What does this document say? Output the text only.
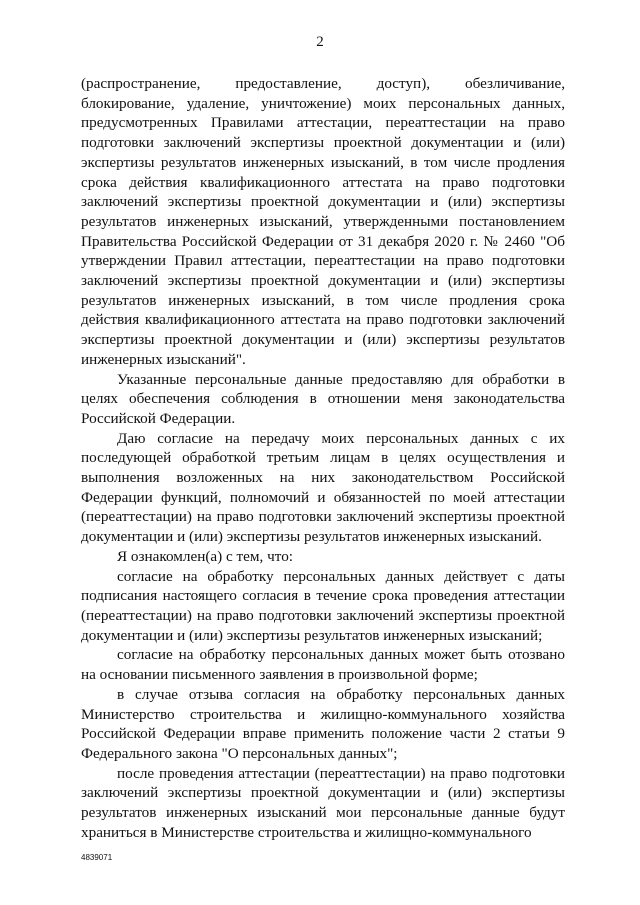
2

(распространение, предоставление, доступ), обезличивание, блокирование, удаление, уничтожение) моих персональных данных, предусмотренных Правилами аттестации, переаттестации на право подготовки заключений экспертизы проектной документации и (или) экспертизы результатов инженерных изысканий, в том числе продления срока действия квалификационного аттестата на право подготовки заключений экспертизы проектной документации и (или) экспертизы результатов инженерных изысканий, утвержденными постановлением Правительства Российской Федерации от 31 декабря 2020 г. № 2460 "Об утверждении Правил аттестации, переаттестации на право подготовки заключений экспертизы проектной документации и (или) экспертизы результатов инженерных изысканий, в том числе продления срока действия квалификационного аттестата на право подготовки заключений экспертизы проектной документации и (или) экспертизы результатов инженерных изысканий".

Указанные персональные данные предоставляю для обработки в целях обеспечения соблюдения в отношении меня законодательства Российской Федерации.

Даю согласие на передачу моих персональных данных с их последующей обработкой третьим лицам в целях осуществления и выполнения возложенных на них законодательством Российской Федерации функций, полномочий и обязанностей по моей аттестации (переаттестации) на право подготовки заключений экспертизы проектной документации и (или) экспертизы результатов инженерных изысканий.

Я ознакомлен(а) с тем, что:

согласие на обработку персональных данных действует с даты подписания настоящего согласия в течение срока проведения аттестации (переаттестации) на право подготовки заключений экспертизы проектной документации и (или) экспертизы результатов инженерных изысканий;

согласие на обработку персональных данных может быть отозвано на основании письменного заявления в произвольной форме;

в случае отзыва согласия на обработку персональных данных Министерство строительства и жилищно-коммунального хозяйства Российской Федерации вправе применить положение части 2 статьи 9 Федерального закона "О персональных данных";

после проведения аттестации (переаттестации) на право подготовки заключений экспертизы проектной документации и (или) экспертизы результатов инженерных изысканий мои персональные данные будут храниться в Министерстве строительства и жилищно-коммунального

4839071
